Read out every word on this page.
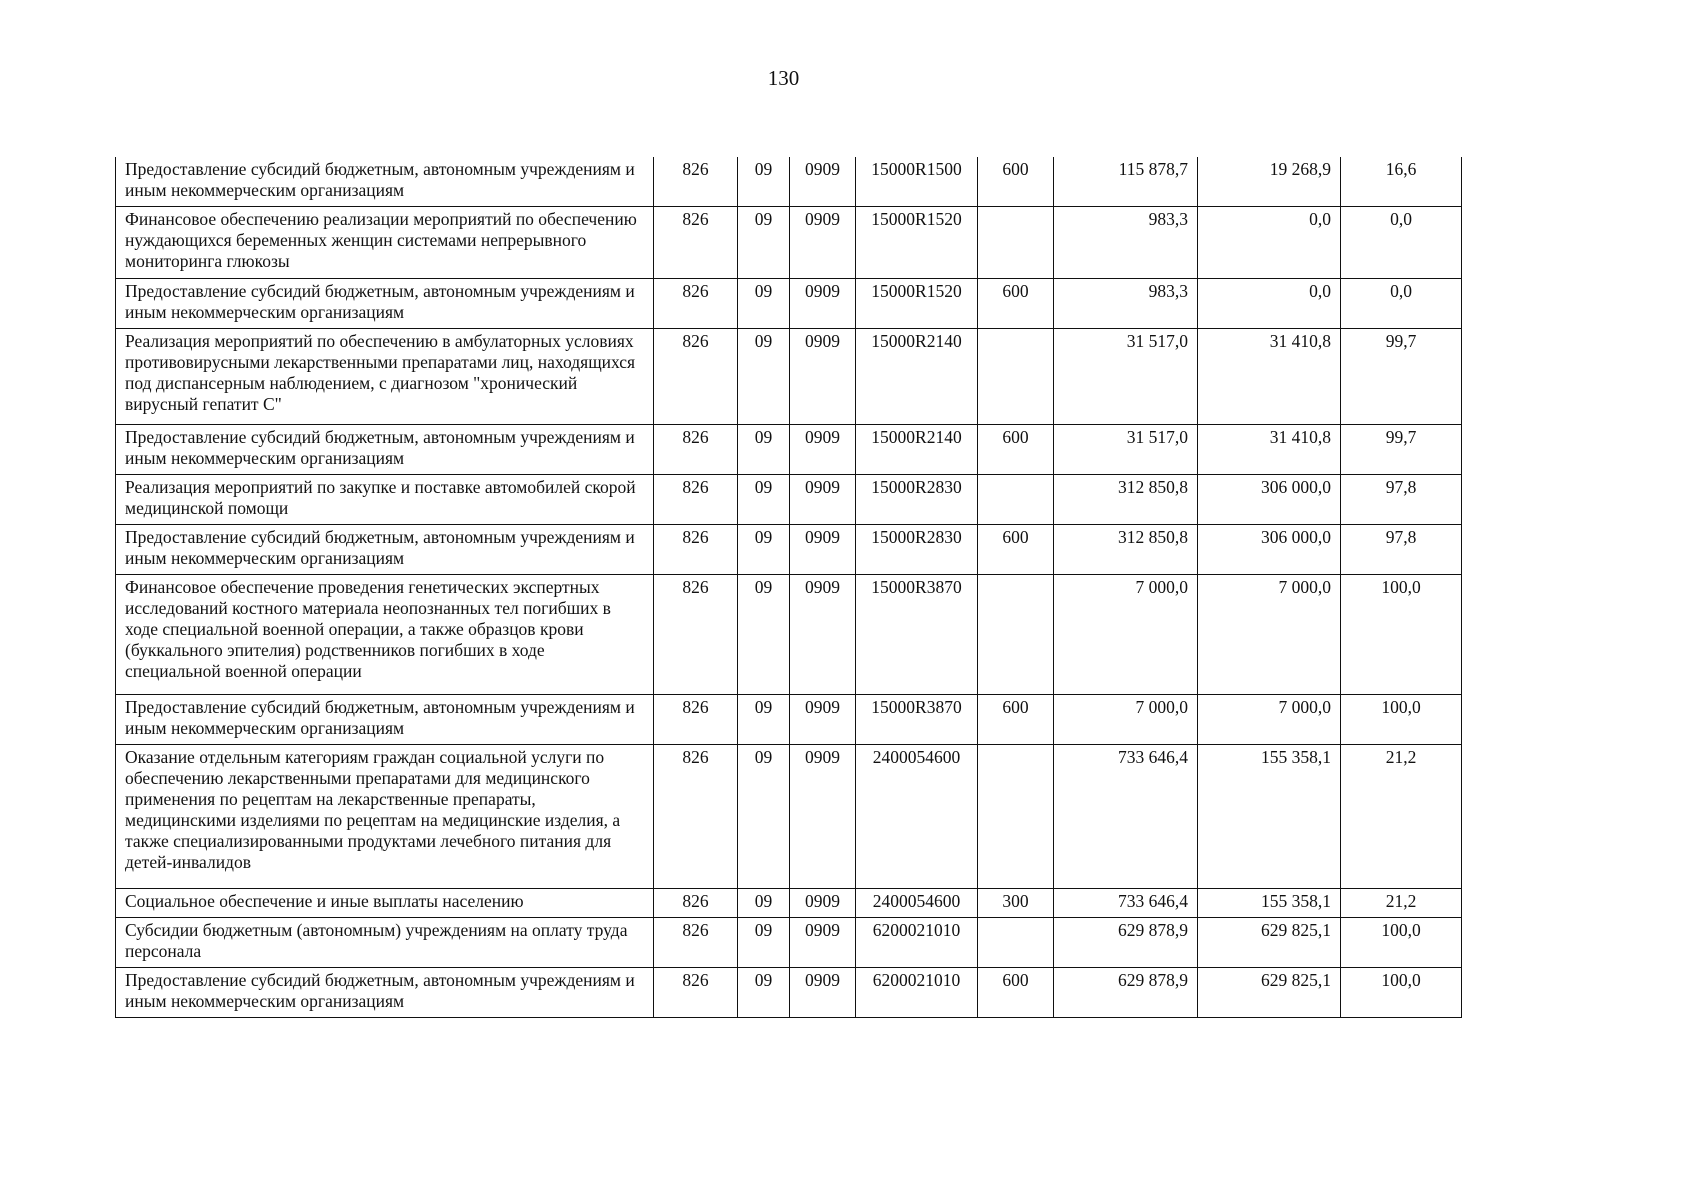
130
Предоставление субсидий бюджетным, автономным учреждениям и иным некоммерческим организациям	826	09	0909	15000R1500	600	115 878,7	19 268,9	16,6
Финансовое обеспечению реализации мероприятий по обеспечению нуждающихся беременных женщин системами непрерывного мониторинга глюкозы	826	09	0909	15000R1520		983,3	0,0	0,0
Предоставление субсидий бюджетным, автономным учреждениям и иным некоммерческим организациям	826	09	0909	15000R1520	600	983,3	0,0	0,0
Реализация мероприятий по обеспечению в амбулаторных условиях противовирусными лекарственными препаратами лиц, находящихся под диспансерным наблюдением, с диагнозом "хронический вирусный гепатит С"	826	09	0909	15000R2140		31 517,0	31 410,8	99,7
Предоставление субсидий бюджетным, автономным учреждениям и иным некоммерческим организациям	826	09	0909	15000R2140	600	31 517,0	31 410,8	99,7
Реализация мероприятий по закупке и поставке автомобилей скорой медицинской помощи	826	09	0909	15000R2830		312 850,8	306 000,0	97,8
Предоставление субсидий бюджетным, автономным учреждениям и иным некоммерческим организациям	826	09	0909	15000R2830	600	312 850,8	306 000,0	97,8
Финансовое обеспечение проведения генетических экспертных исследований костного материала неопознанных тел погибших в ходе специальной военной операции, а также образцов крови (буккального эпителия) родственников погибших в ходе специальной военной операции	826	09	0909	15000R3870		7 000,0	7 000,0	100,0
Предоставление субсидий бюджетным, автономным учреждениям и иным некоммерческим организациям	826	09	0909	15000R3870	600	7 000,0	7 000,0	100,0
Оказание отдельным категориям граждан социальной услуги по обеспечению лекарственными препаратами для медицинского применения по рецептам на лекарственные препараты, медицинскими изделиями по рецептам на медицинские изделия, а также специализированными продуктами лечебного питания для детей-инвалидов	826	09	0909	2400054600		733 646,4	155 358,1	21,2
Социальное обеспечение и иные выплаты населению	826	09	0909	2400054600	300	733 646,4	155 358,1	21,2
Субсидии бюджетным (автономным) учреждениям на оплату труда персонала	826	09	0909	6200021010		629 878,9	629 825,1	100,0
Предоставление субсидий бюджетным, автономным учреждениям и иным некоммерческим организациям	826	09	0909	6200021010	600	629 878,9	629 825,1	100,0
